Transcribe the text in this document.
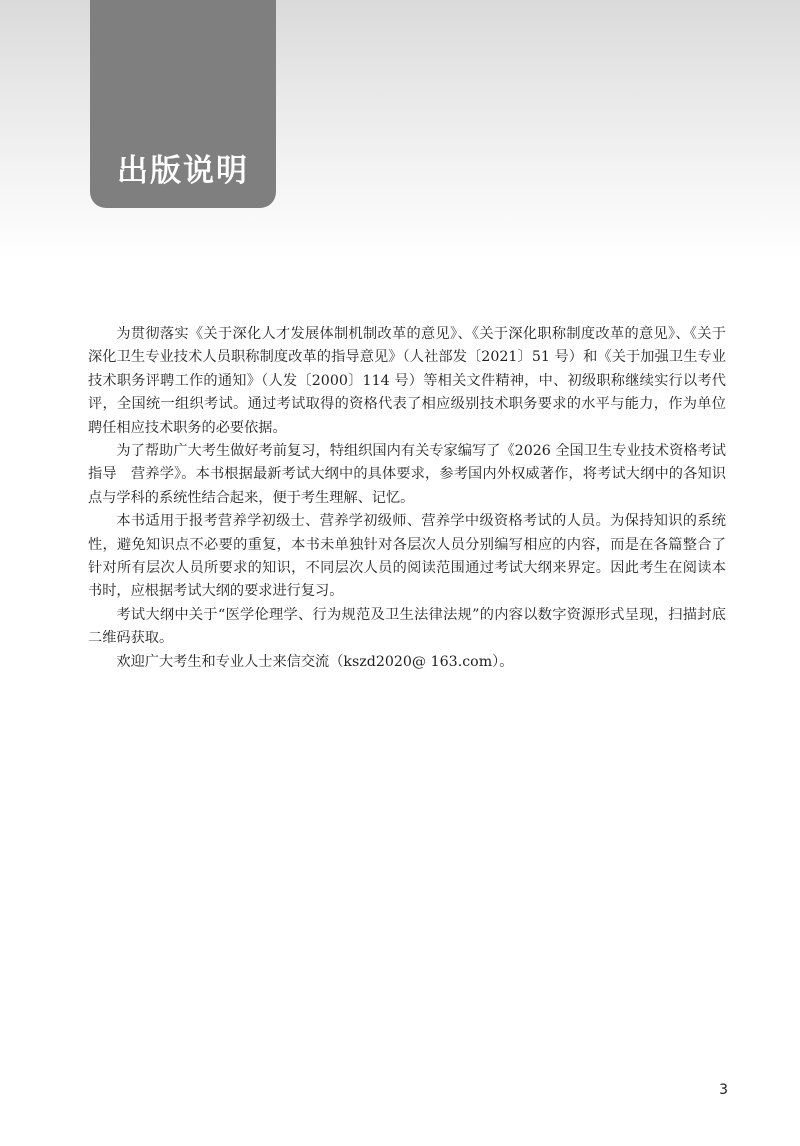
出版说明

为贯彻落实《关于深化人才发展体制机制改革的意见》、《关于深化职称制度改革的意见》、《关于深化卫生专业技术人员职称制度改革的指导意见》（人社部发〔2021〕51 号）和《关于加强卫生专业技术职务评聘工作的通知》（人发〔2000〕114 号）等相关文件精神，中、初级职称继续实行以考代评，全国统一组织考试。通过考试取得的资格代表了相应级别技术职务要求的水平与能力，作为单位聘任相应技术职务的必要依据。

为了帮助广大考生做好考前复习，特组织国内有关专家编写了《2026 全国卫生专业技术资格考试指导　营养学》。本书根据最新考试大纲中的具体要求，参考国内外权威著作，将考试大纲中的各知识点与学科的系统性结合起来，便于考生理解、记忆。

本书适用于报考营养学初级士、营养学初级师、营养学中级资格考试的人员。为保持知识的系统性，避免知识点不必要的重复，本书未单独针对各层次人员分别编写相应的内容，而是在各篇整合了针对所有层次人员所要求的知识，不同层次人员的阅读范围通过考试大纲来界定。因此考生在阅读本书时，应根据考试大纲的要求进行复习。

考试大纲中关于“医学伦理学、行为规范及卫生法律法规”的内容以数字资源形式呈现，扫描封底二维码获取。

欢迎广大考生和专业人士来信交流（kszd2020@ 163.com）。

3
